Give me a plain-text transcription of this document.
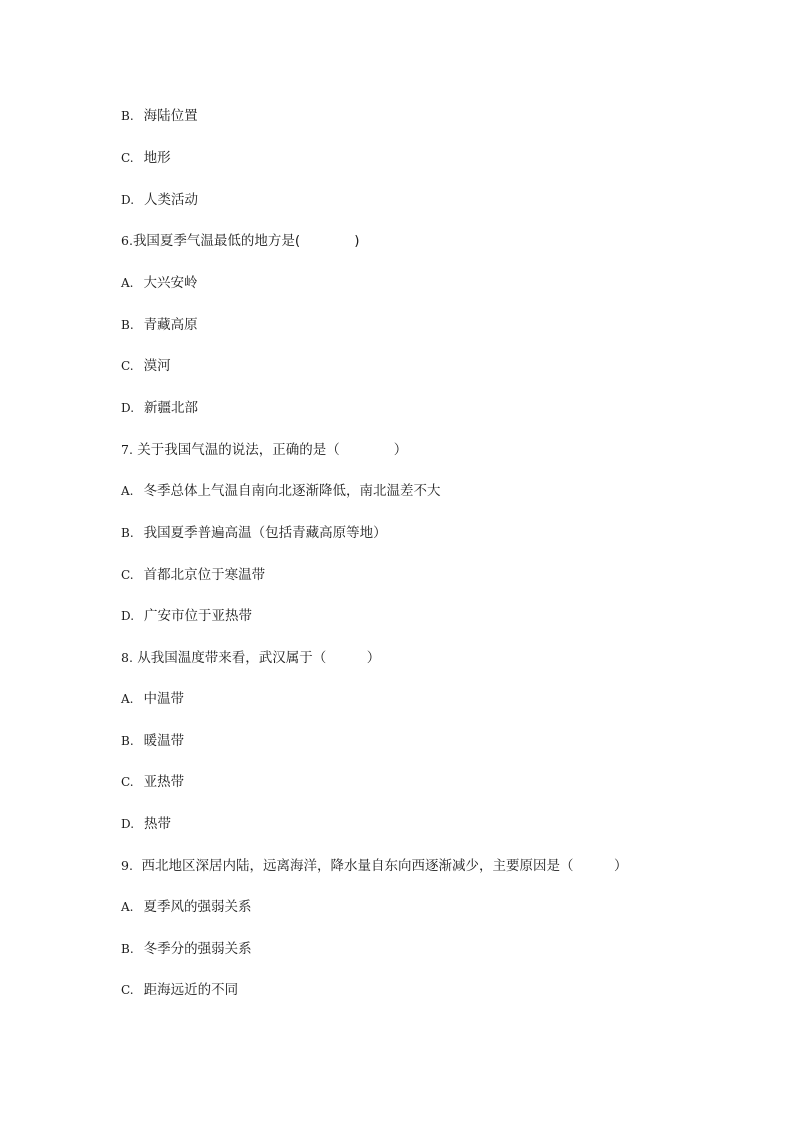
B. 海陆位置
C. 地形
D. 人类活动
6.我国夏季气温最低的地方是(　　　　)
A. 大兴安岭
B. 青藏高原
C. 漠河
D. 新疆北部
7. 关于我国气温的说法，正确的是（　　　　）
A. 冬季总体上气温自南向北逐渐降低，南北温差不大
B. 我国夏季普遍高温（包括青藏高原等地）
C. 首都北京位于寒温带
D. 广安市位于亚热带
8. 从我国温度带来看，武汉属于（　　　）
A. 中温带
B. 暖温带
C. 亚热带
D. 热带
9. 西北地区深居内陆，远离海洋，降水量自东向西逐渐减少，主要原因是（　　　）
A. 夏季风的强弱关系
B. 冬季分的强弱关系
C. 距海远近的不同
